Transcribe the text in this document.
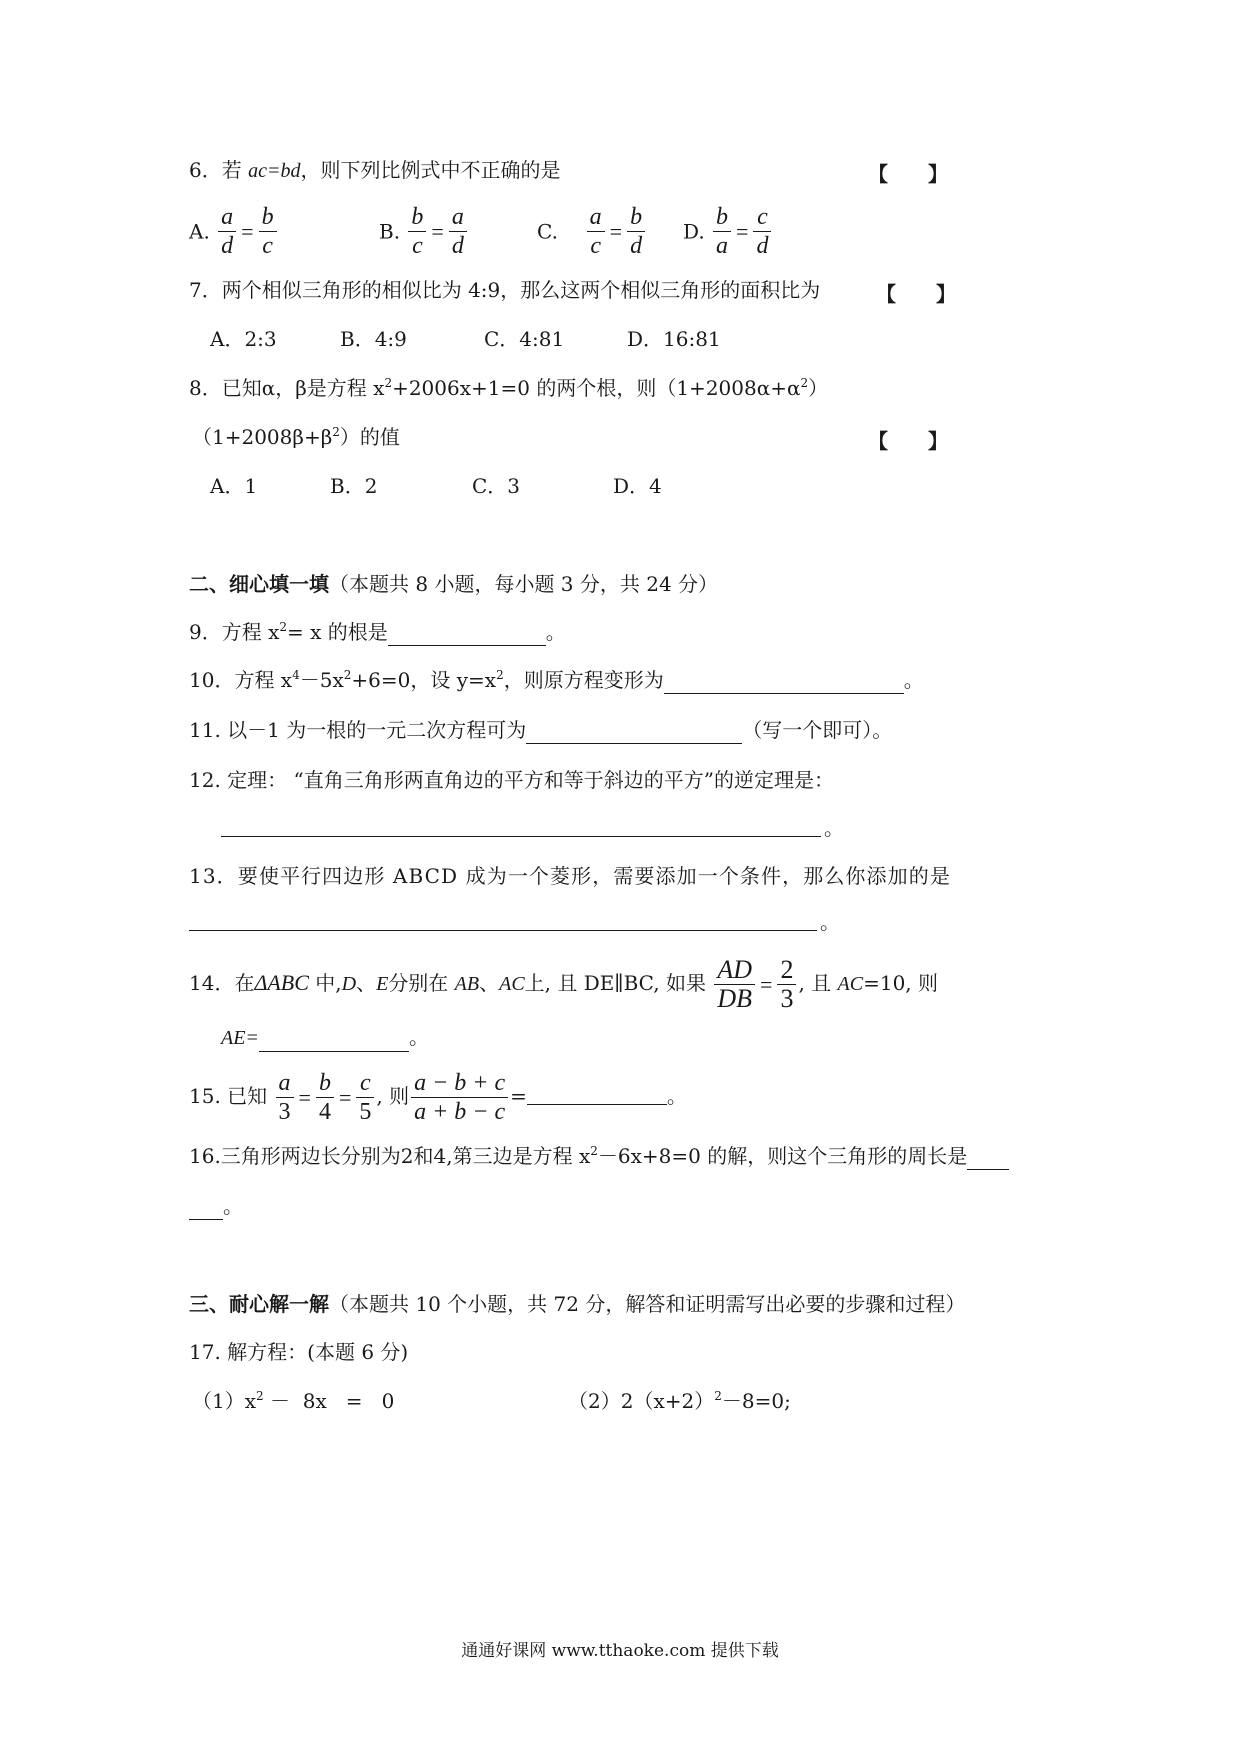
6．若 ac=bd，则下列比例式中不正确的是	【　　】
A. $\frac{a}{d} = \frac{b}{c}$	B. $\frac{b}{c} = \frac{a}{d}$	C. $\frac{a}{c} = \frac{b}{d} D$. $\frac{b}{a} = \frac{c}{d}$
7．两个相似三角形的相似比为 4:9，那么这两个相似三角形的面积比为	【　　】
A．2:3	B．4:9	C．4:81	D．16:81
8．已知α，β是方程 $x^2+2006x+1=0$ 的两个根，则$(1+2008\alpha+\alpha^2)$
$(1+2008\beta+\beta^2)$的值	【　　】
A．1	B．2	C．3	D．4
二、细心填一填（本题共 8 小题，每小题 3 分，共 24 分）
9．方程 $x^2= x$ 的根是	。
10．方程 $x^4-5x^2+6=0$，设 $y=x^2$，则原方程变形为	。
11. 以－1 为一根的一元二次方程可为	（写一个即可）。
12. 定理： “直角三角形两直角边的平方和等于斜边的平方”的逆定理是：
。
13．要使平行四边形 ABCD 成为一个菱形，需要添加一个条件，那么你添加的是
。
14．在ΔABC 中,D、E分别在 AB、AC上, 且 DE∥BC, 如果 $\frac{AD}{DB} = \frac{2}{3}$ , 且 AC=10, 则
AE=	。
15. 已知 $\frac{a}{3} = \frac{b}{4} = \frac{c}{5}$ , 则 $\frac{a - b + c}{a + b - c}$ =	。
16.三角形两边长分别为2和4,第三边是方程 $x^2-6x+8=0$ 的解，则这个三角形的周长是
。
三、耐心解一解（本题共 10 个小题，共 72 分，解答和证明需写出必要的步骤和过程）
17. 解方程：(本题 6 分)
$(1)x^2 - 8x = 0$	$(2)2(x+2)^2-8=0$;
通通好课网 www.tthaoke.com 提供下载
